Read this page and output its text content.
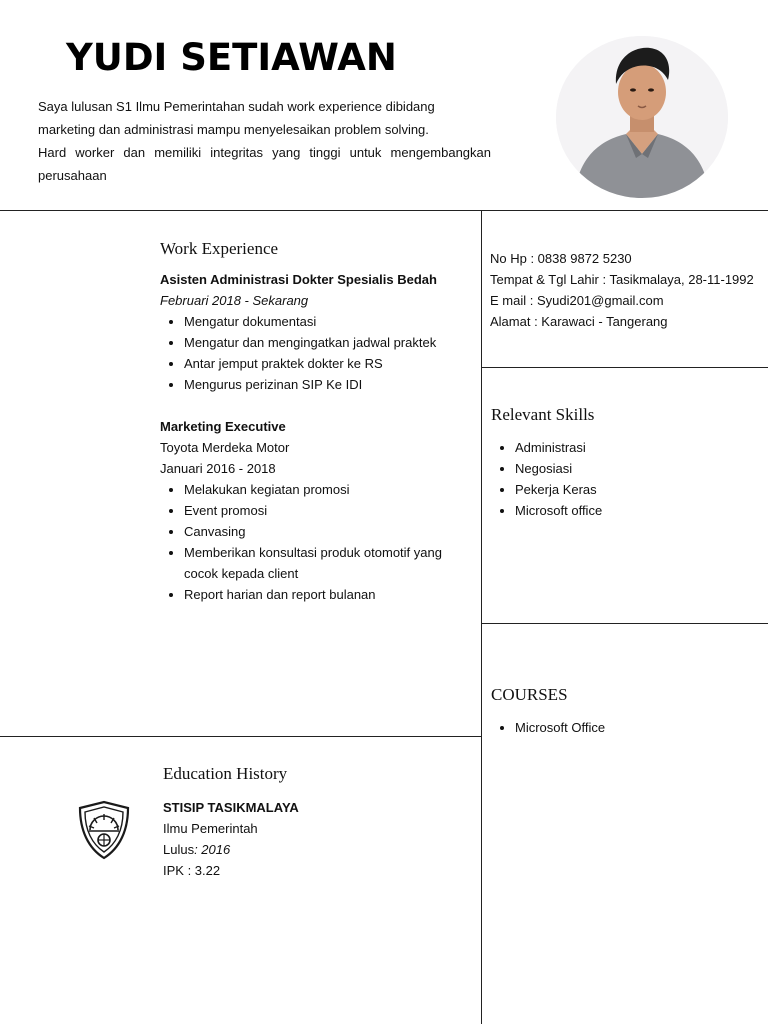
YUDI SETIAWAN

Saya lulusan S1 Ilmu Pemerintahan sudah work experience dibidang

marketing dan administrasi mampu menyelesaikan problem solving.

Hard worker dan memiliki integritas yang tinggi untuk mengembangkan

perusahaan

Work Experience
Asisten Administrasi Dokter Spesialis Bedah
Februari 2018 - Sekarang
Mengatur dokumentasi
Mengatur dan mengingatkan jadwal praktek
Antar jemput praktek dokter ke RS
Mengurus perizinan SIP Ke IDI
Marketing Executive
Toyota Merdeka Motor
Januari 2016 - 2018
Melakukan kegiatan promosi
Event promosi
Canvasing
Memberikan konsultasi produk otomotif yang
cocok kepada client
Report harian dan report bulanan
No Hp : 0838 9872 5230
Tempat & Tgl Lahir : Tasikmalaya, 28-11-1992
E mail : Syudi201@gmail.com
Alamat : Karawaci - Tangerang
Relevant Skills
Administrasi
Negosiasi
Pekerja Keras
Microsoft office
COURSES
Microsoft Office
Education History
STISIP TASIKMALAYA
Ilmu Pemerintah
Lulus: 2016
IPK : 3.22
